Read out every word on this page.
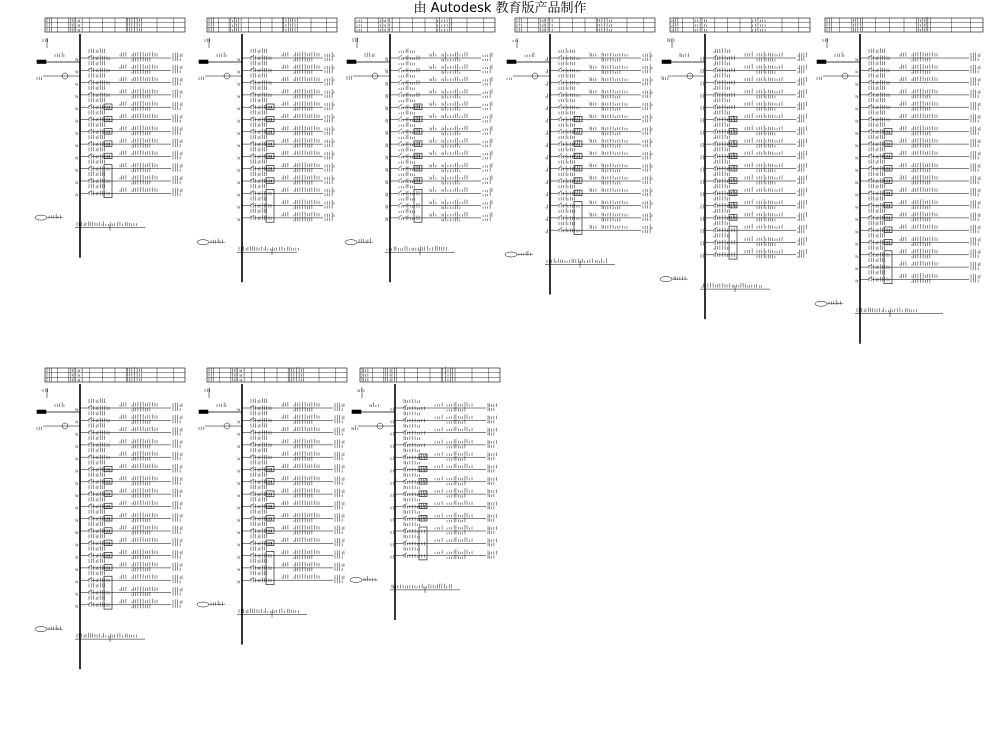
由 Autodesk 教育版产品制作
